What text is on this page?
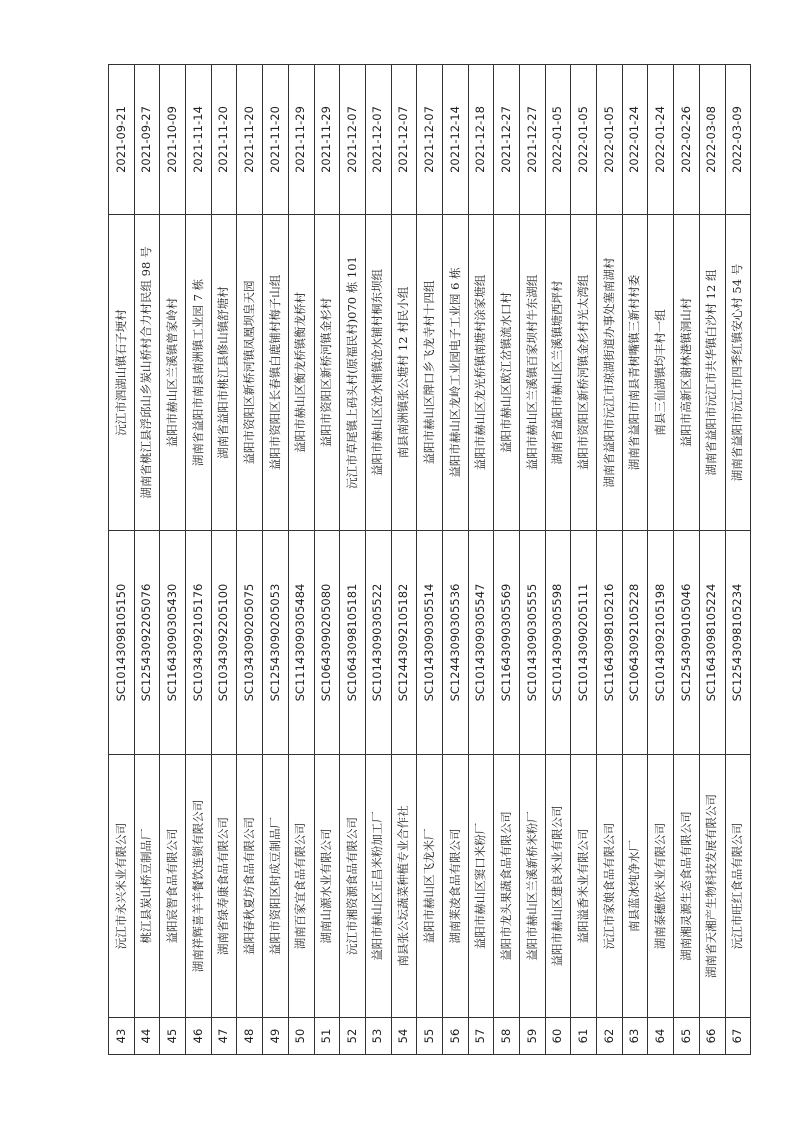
43	沅江市永兴米业有限公司	SC10143098105150	沅江市泗湖山镇石子埂村	2021-09-21
44	桃江县炭山桥豆制品厂	SC12543092205076	湖南省桃江县浮邱山乡炭山桥村合力村民组 98 号	2021-09-27
45	益阳宸智食品有限公司	SC11643090305430	益阳市赫山区兰溪镇曾家岭村	2021-10-09
46	湖南祥辉喜羊羊餐饮连锁有限公司	SC10343092105176	湖南省益阳市南县南洲镇工业园 7 栋	2021-11-14
47	湖南省绿寿康食品有限公司	SC10343092205100	湖南省益阳市桃江县修山镇舒塘村	2021-11-20
48	益阳春秋夏坊食品有限公司	SC10343090205075	益阳市资阳区新桥河镇凤凰坝皇天园	2021-11-20
49	益阳市资阳区时成豆制品厂	SC12543090205053	益阳市资阳区长春镇白鹿铺村梅子山组	2021-11-20
50	湖南百家宜食品有限公司	SC11143090305484	益阳市赫山区衡龙桥镇衡龙桥村	2021-11-29
51	湖南山源水业有限公司	SC10643090205080	益阳市资阳区新桥河镇金杉村	2021-11-29
52	沅江市湘资源食品有限公司	SC10643098105181	沅江市草尾镇上码头村(原福民村)070 栋 101	2021-12-07
53	益阳市赫山区正昌米粉加工厂	SC10143090305522	益阳市赫山区沧水铺镇沧水铺村桐东坝组	2021-12-07
54	南县张公坛蔬菜种植专业合作社	SC12443092105182	南县南洲镇张公塘村 12 村民小组	2021-12-07
55	益阳市赫山区飞龙米厂	SC10143090305514	益阳市赫山区牌口乡飞龙寺村十四组	2021-12-07
56	湖南莱凌食品有限公司	SC12443090305536	益阳市赫山区龙岭工业园电子工业园 6 栋	2021-12-14
57	益阳市赫山区窦口米粉厂	SC10143090305547	益阳市赫山区龙光桥镇南塘村涂家塘组	2021-12-18
58	益阳市龙头果蔬食品有限公司	SC11643090305569	益阳市赫山区欧江岔镇流水口村	2021-12-27
59	益阳市赫山区兰溪新桥米粉厂	SC10143090305555	益阳市赫山区兰溪镇百家坝村牛东湖组	2021-12-27
60	益阳市赫山区建良米业有限公司	SC10143090305598	湖南省益阳市赫山区兰溪镇塘西坪村	2022-01-05
61	益阳溢香米业有限公司	SC10143090205111	益阳市资阳区新桥河镇金杉村光太湾组	2022-01-05
62	沅江市家娘食品有限公司	SC11643098105216	湖南省益阳市沅江市琼湖街道办事处塞南湖村	2022-01-05
63	南县蓝冰纯净水厂	SC10643092105228	湖南省益阳市南县青树嘴镇三新村村委	2022-01-24
64	湖南泰穗依米业有限公司	SC10143092105198	南县三仙湖镇均丰村一组	2022-01-24
65	湖南湘灵源生态食品有限公司	SC12543090105046	益阳市高新区谢林港镇洞山村	2022-02-26
66	湖南省天湘产生物科技发展有限公司	SC11643098105224	湖南省益阳市沅江市共华镇白沙村 12 组	2022-03-08
67	沅江市旺红食品有限公司	SC12543098105234	湖南省益阳市沅江市四季红镇安心村 54 号	2022-03-09
